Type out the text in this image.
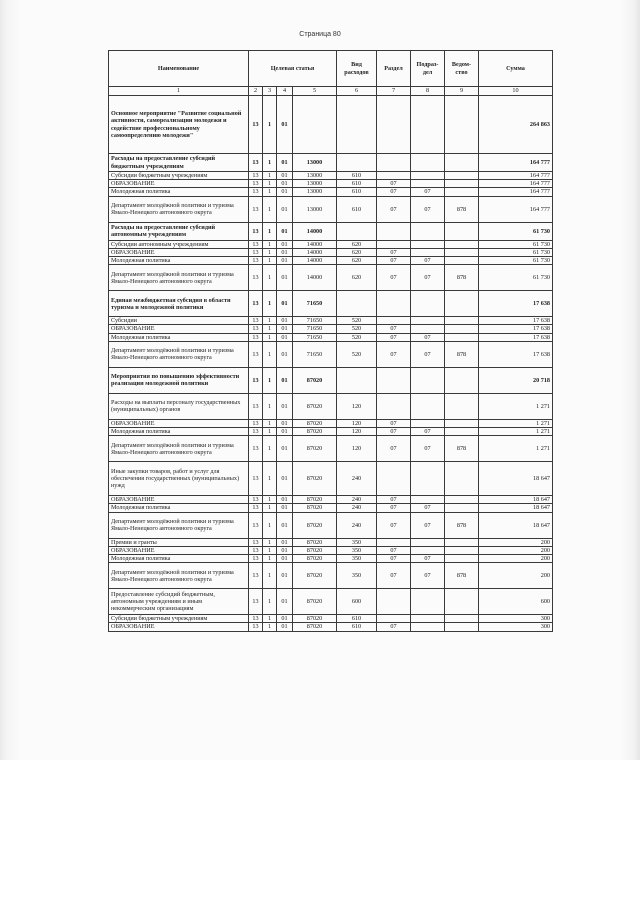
Страница 80
Наименование	Целевая статья				Вид расходов	Раздел	Подраз-дел	Ведом-ство	Сумма
1	2	3	4	5	6	7	8	9	10
Основное мероприятие "Развитие социальной активности, самореализации молодежи и содействие профессиональному самоопределению молодежи"	13	1	01						264 863
Расходы на предоставление субсидий бюджетным учреждениям	13	1	01	13000					164 777
Субсидии бюджетным учреждениям	13	1	01	13000	610				164 777
ОБРАЗОВАНИЕ	13	1	01	13000	610	07			164 777
Молодежная политика	13	1	01	13000	610	07	07		164 777
Департамент молодёжной политики и туризма Ямало-Ненецкого автономного округа	13	1	01	13000	610	07	07	878	164 777
Расходы на предоставление субсидий автономным учреждениям	13	1	01	14000					61 730
Субсидии автономным учреждениям	13	1	01	14000	620				61 730
ОБРАЗОВАНИЕ	13	1	01	14000	620	07			61 730
Молодежная политика	13	1	01	14000	620	07	07		61 730
Департамент молодёжной политики и туризма Ямало-Ненецкого автономного округа	13	1	01	14000	620	07	07	878	61 730
Единая межбюджетная субсидия в области туризма и молодежной политики	13	1	01	71650					17 638
Субсидии	13	1	01	71650	520				17 638
ОБРАЗОВАНИЕ	13	1	01	71650	520	07			17 638
Молодежная политика	13	1	01	71650	520	07	07		17 638
Департамент молодёжной политики и туризма Ямало-Ненецкого автономного округа	13	1	01	71650	520	07	07	878	17 638
Мероприятия по повышению эффективности реализации молодежной политики	13	1	01	87020					20 718
Расходы на выплаты персоналу государственных (муниципальных) органов	13	1	01	87020	120				1 271
ОБРАЗОВАНИЕ	13	1	01	87020	120	07			1 271
Молодежная политика	13	1	01	87020	120	07	07		1 271
Департамент молодёжной политики и туризма Ямало-Ненецкого автономного округа	13	1	01	87020	120	07	07	878	1 271
Иные закупки товаров, работ и услуг для обеспечения государственных (муниципальных) нужд	13	1	01	87020	240				18 647
ОБРАЗОВАНИЕ	13	1	01	87020	240	07			18 647
Молодежная политика	13	1	01	87020	240	07	07		18 647
Департамент молодёжной политики и туризма Ямало-Ненецкого автономного округа	13	1	01	87020	240	07	07	878	18 647
Премии и гранты	13	1	01	87020	350				200
ОБРАЗОВАНИЕ	13	1	01	87020	350	07			200
Молодежная политика	13	1	01	87020	350	07	07		200
Департамент молодёжной политики и туризма Ямало-Ненецкого автономного округа	13	1	01	87020	350	07	07	878	200
Предоставление субсидий бюджетным, автономным учреждениям и иным некоммерческим организациям	13	1	01	87020	600				600
Субсидии бюджетным учреждениям	13	1	01	87020	610				300
ОБРАЗОВАНИЕ	13	1	01	87020	610	07			300
